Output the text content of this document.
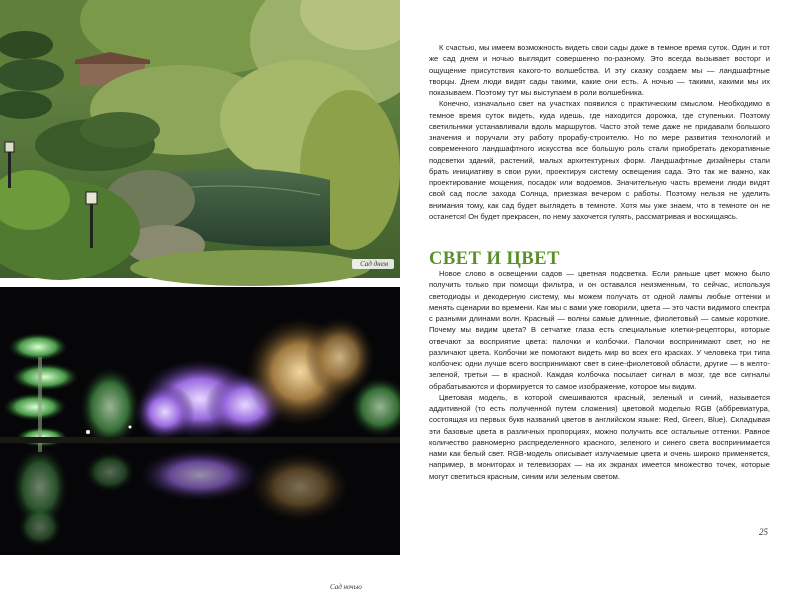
Сад днем
Сад ночью

К счастью, мы имеем возможность видеть свои сады даже в темное время суток. Один и тот же сад днем и ночью выглядит совершенно по-разному. Это всегда вызывает восторг и ощущение присутствия какого-то волшебства. И эту сказку создаем мы — ландшафтные творцы. Днем люди видят сады такими, какие они есть. А ночью — такими, какими мы их показываем. Поэтому тут мы выступаем в роли волшебника.

Конечно, изначально свет на участках появился с практическим смыслом. Необходимо в темное время суток видеть, куда идешь, где находится дорожка, где ступеньки. Поэтому светильники устанавливали вдоль маршрутов. Часто этой теме даже не придавали большого значения и поручали эту работу прорабу-строителю. Но по мере развития технологий и современного ландшафтного искусства все большую роль стали приобретать декоративные подсветки зданий, растений, малых архитектурных форм. Ландшафтные дизайнеры стали брать инициативу в свои руки, проектируя систему освещения сада. Это так же важно, как проектирование мощения, посадок или водоемов. Значительную часть времени люди видят свой сад после захода Солнца, приезжая вечером с работы. Поэтому нельзя не уделить внимания тому, как сад будет выглядеть в темноте. Хотя мы уже знаем, что в темноте он не останется! Он будет прекрасен, по нему захочется гулять, рассматривая и восхищаясь.

СВЕТ И ЦВЕТ

Новое слово в освещении садов — цветная подсветка. Если раньше цвет можно было получить только при помощи фильтра, и он оставался неизменным, то сейчас, используя светодиоды и декодерную систему, мы можем получать от одной лампы любые оттенки и менять сценарии во времени. Как мы с вами уже говорили, цвета — это части видимого спектра с разными длинами волн. Красный — волны самые длинные, фиолетовый — самые короткие. Почему мы видим цвета? В сетчатке глаза есть специальные клетки-рецепторы, которые отвечают за восприятие цвета: палочки и колбочки. Палочки воспринимают свет, но не различают цвета. Колбочки же помогают видеть мир во всех его красках. У человека три типа колбочек: одни лучше всего воспринимают свет в сине-фиолетовой области, другие — в желто-зеленой, третьи — в красной. Каждая колбочка посылает сигнал в мозг, где все сигналы обрабатываются и формируется то самое изображение, которое мы видим.

Цветовая модель, в которой смешиваются красный, зеленый и синий, называется аддитивной (то есть полученной путем сложения) цветовой моделью RGB (аббревиатура, состоящая из первых букв названий цветов в английском языке: Red, Green, Blue). Складывая эти базовые цвета в различных пропорциях, можно получить все остальные оттенки. Равное количество равномерно распределенного красного, зеленого и синего света воспринимается нами как белый свет. RGB-модель описывает излучаемые цвета и очень широко применяется, например, в мониторах и телевизорах — на их экранах имеется множество точек, которые могут светиться красным, синим или зеленым светом.

25
